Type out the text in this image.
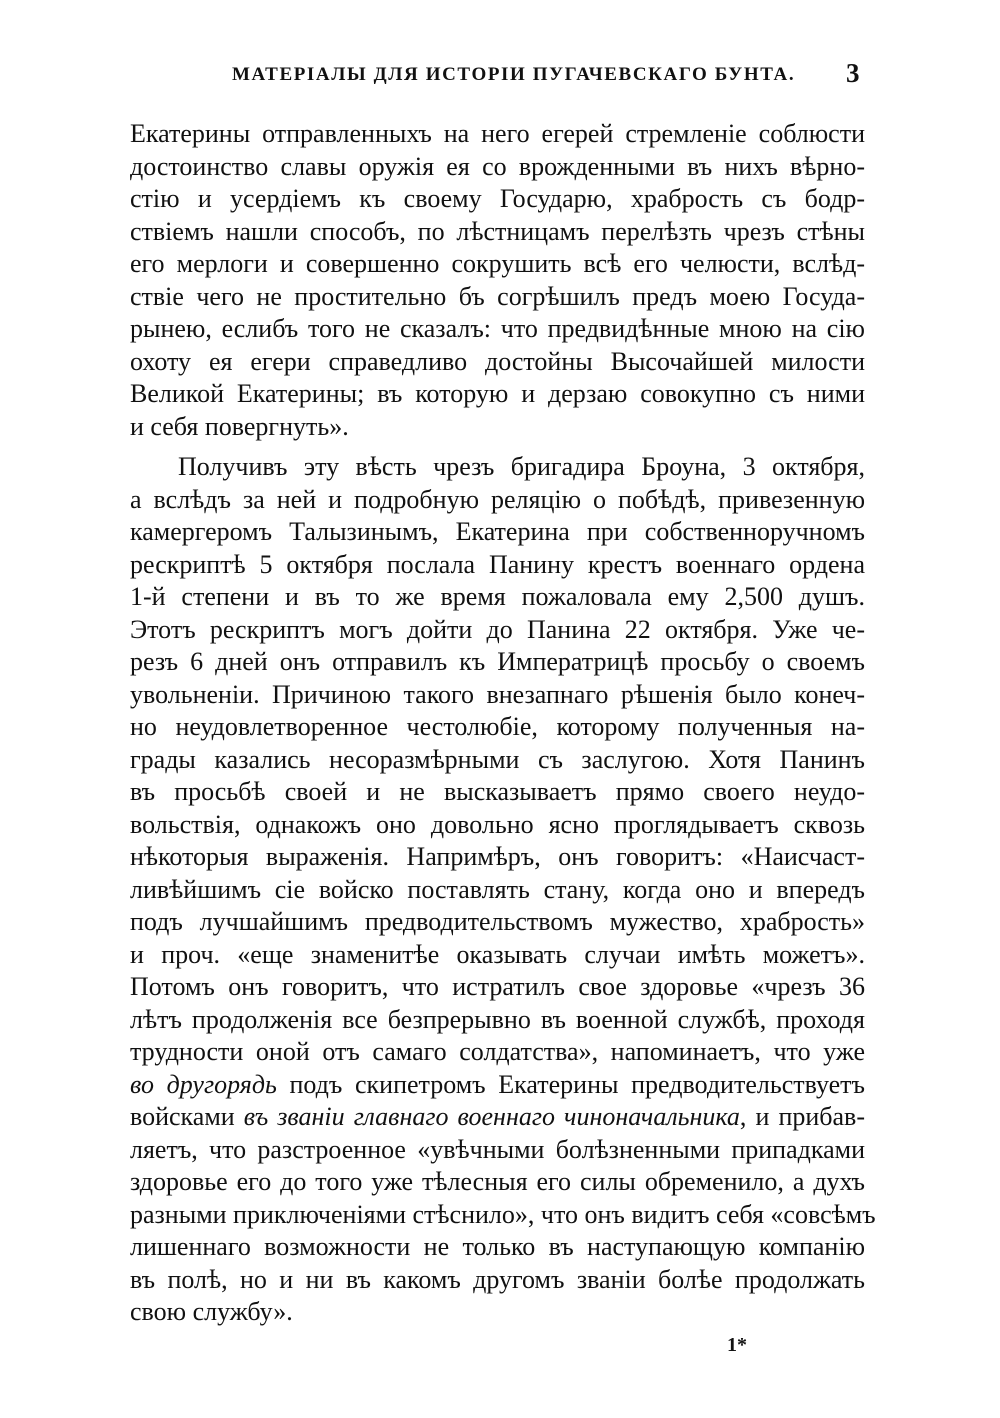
МАТЕРІАЛЫ ДЛЯ ИСТОРІИ ПУГАЧЕВСКАГО БУНТА. 3
Екатерины отправленныхъ на него егерей стремленіе соблюсти
достоинство славы оружія ея со врожденными въ нихъ вѣрно-
стію и усердіемъ къ своему Государю, храбрость съ бодр-
ствіемъ нашли способъ, по лѣстницамъ перелѣзть чрезъ стѣны
его мерлоги и совершенно сокрушить всѣ его челюсти, вслѣд-
ствіе чего не простительно бъ согрѣшилъ предъ моею Госуда-
рынею, еслибъ того не сказалъ: что предвидѣнные мною на сію
охоту ея егери справедливо достойны Высочайшей милости
Великой Екатерины; въ которую и дерзаю совокупно съ ними
и себя повергнуть».
Получивъ эту вѣсть чрезъ бригадира Броуна, 3 октября,
а вслѣдъ за ней и подробную реляцію о побѣдѣ, привезенную
камергеромъ Талызинымъ, Екатерина при собственноручномъ
рескриптѣ 5 октября послала Панину крестъ военнаго ордена
1-й степени и въ то же время пожаловала ему 2,500 душъ.
Этотъ рескриптъ могъ дойти до Панина 22 октября. Уже че-
резъ 6 дней онъ отправилъ къ Императрицѣ просьбу о своемъ
увольненіи. Причиною такого внезапнаго рѣшенія было конеч-
но неудовлетворенное честолюбіе, которому полученныя на-
грады казались несоразмѣрными съ заслугою. Хотя Панинъ
въ просьбѣ своей и не высказываетъ прямо своего неудо-
вольствія, однакожъ оно довольно ясно проглядываетъ сквозь
нѣкоторыя выраженія. Напримѣръ, онъ говоритъ: «Наисчаст-
ливѣйшимъ сіе войско поставлять стану, когда оно и впередъ
подъ лучшайшимъ предводительствомъ мужество, храбрость»
и проч. «еще знаменитѣе оказывать случаи имѣть можетъ».
Потомъ онъ говоритъ, что истратилъ свое здоровье «чрезъ 36
лѣтъ продолженія все безпрерывно въ военной службѣ, проходя
трудности оной отъ самаго солдатства», напоминаетъ, что уже
во другорядь подъ скипетромъ Екатерины предводительствуетъ
войсками въ званіи главнаго военнаго чиноначальника, и прибав-
ляетъ, что разстроенное «увѣчными болѣзненными припадками
здоровье его до того уже тѣлесныя его силы обременило, а духъ
разными приключеніями стѣснило», что онъ видитъ себя «совсѣмъ
лишеннаго возможности не только въ наступающую компанію
въ полѣ, но и ни въ какомъ другомъ званіи болѣе продолжать
свою службу».
1*
